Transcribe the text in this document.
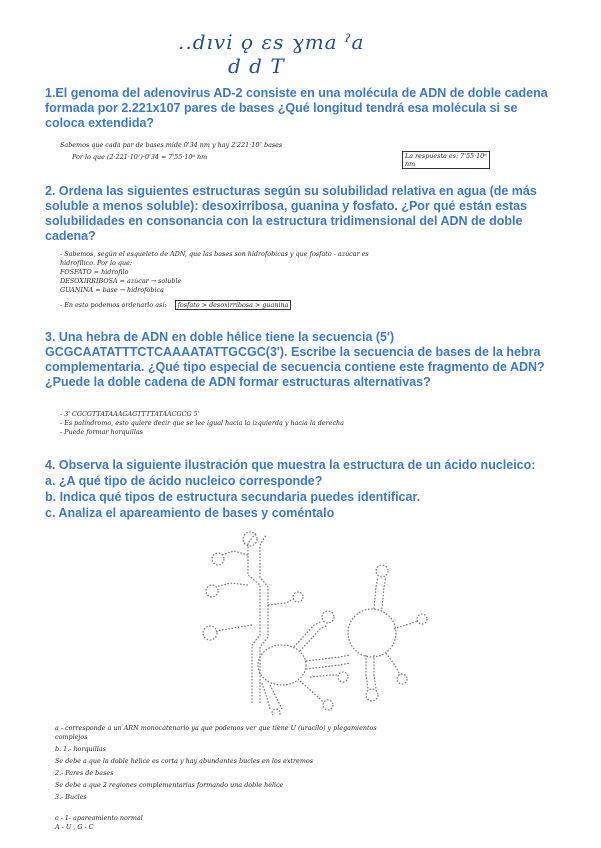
..dıvi ǫ ɛs ɣma ˀa
d d T

1.El genoma del adenovirus AD-2 consiste en una molécula de ADN de doble cadena formada por 2.221x107 pares de bases ¿Qué longitud tendrá esa molécula si se coloca extendida?

Sabemos que cada par de bases mide 0'34 nm y hay 2'221·10⁷ bases
Por lo que (2·221·10⁷)·0'34 = 7'55·10⁶ nm	La respuesta es: 7'55·10⁶ nm

2. Ordena las siguientes estructuras según su solubilidad relativa en agua (de más soluble a menos soluble): desoxirribosa, guanina y fosfato. ¿Por qué están estas solubilidades en consonancia con la estructura tridimensional del ADN de doble cadena?

- Sabemos, según el esqueleto de ADN, que las bases son hidrofóbicas y que fosfato - azúcar es
hidrofílico. Por lo que:
FOSFATO = hidrofilo
DESOXIRRIBOSA = azúcar → soluble
GUANINA = base → hidrofóbica
- En esto podemos ordenarlo así: fosfato > desoxirribosa > guanina

3. Una hebra de ADN en doble hélice tiene la secuencia (5') GCGCAATATTTCTCAAAATATTGCGC(3'). Escribe la secuencia de bases de la hebra complementaria. ¿Qué tipo especial de secuencia contiene este fragmento de ADN? ¿Puede la doble cadena de ADN formar estructuras alternativas?

- 3' CGCGTTATAAAGAGTTTTATAACGCG 5'
- Es palíndromo, esto quiere decir que se lee igual hacia la izquierda y hacia la derecha
- Puede formar horquillas

4. Observa la siguiente ilustración que muestra la estructura de un ácido nucleico:

a. ¿A qué tipo de ácido nucleico corresponde?

b. Indica qué tipos de estructura secundaria puedes identificar.

c. Analiza el apareamiento de bases y coméntalo

a - corresponde a un ARN monocatenario ya que podemos ver que tiene U (uracilo) y plegamientos
complejos
b. 1.- horquillas
Se debe a que la doble hélice es corta y hay abundantes bucles en los extremos
2.- Pares de bases
Se debe a que 2 regiones complementarias formando una doble hélice
3.- Bucles
c - 1- apareamiento normal
A - U , G - C
